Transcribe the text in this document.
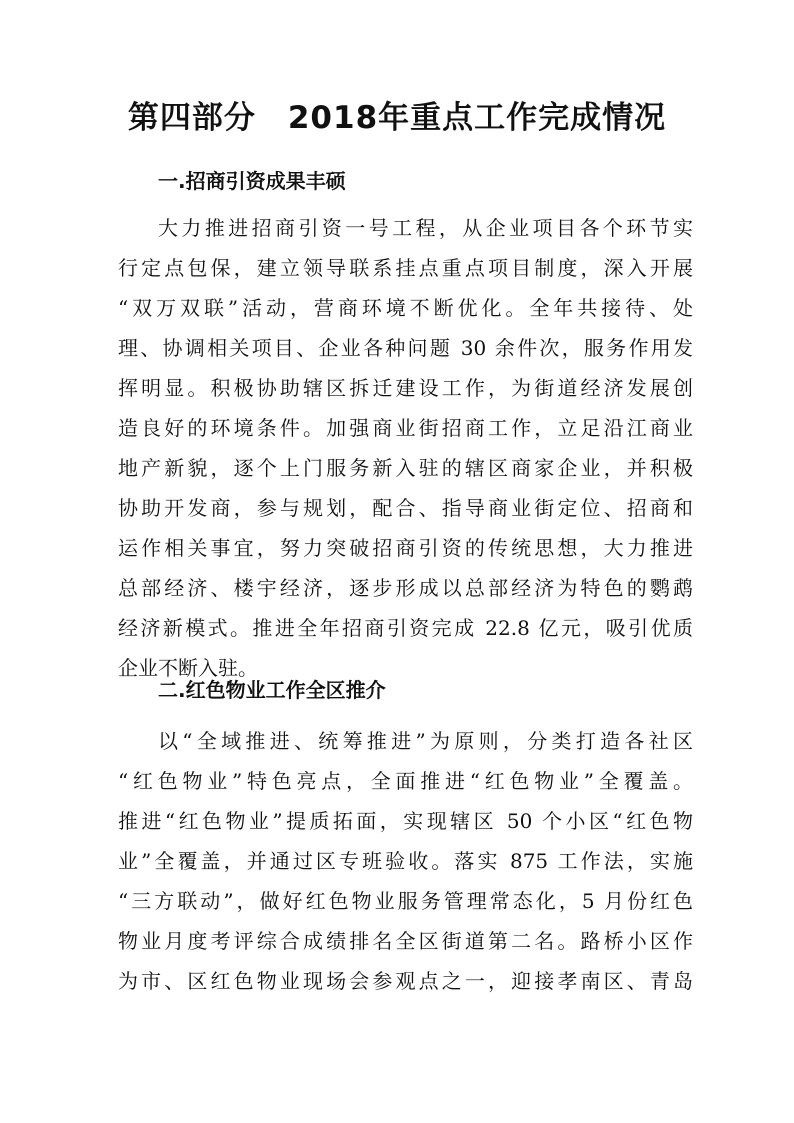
第四部分　2018年重点工作完成情况
一.招商引资成果丰硕
大力推进招商引资一号工程，从企业项目各个环节实
行定点包保，建立领导联系挂点重点项目制度，深入开展
“双万双联”活动，营商环境不断优化。全年共接待、处
理、协调相关项目、企业各种问题 30 余件次，服务作用发
挥明显。积极协助辖区拆迁建设工作，为街道经济发展创
造良好的环境条件。加强商业街招商工作，立足沿江商业
地产新貌，逐个上门服务新入驻的辖区商家企业，并积极
协助开发商，参与规划，配合、指导商业街定位、招商和
运作相关事宜，努力突破招商引资的传统思想，大力推进
总部经济、楼宇经济，逐步形成以总部经济为特色的鹦鹉
经济新模式。推进全年招商引资完成 22.8 亿元，吸引优质
企业不断入驻。
二.红色物业工作全区推介
以“全域推进、统筹推进”为原则，分类打造各社区
“红色物业”特色亮点，全面推进“红色物业”全覆盖。
推进“红色物业”提质拓面，实现辖区 50 个小区“红色物
业”全覆盖，并通过区专班验收。落实 875 工作法，实施
“三方联动”，做好红色物业服务管理常态化，5 月份红色
物业月度考评综合成绩排名全区街道第二名。路桥小区作
为市、区红色物业现场会参观点之一，迎接孝南区、青岛
